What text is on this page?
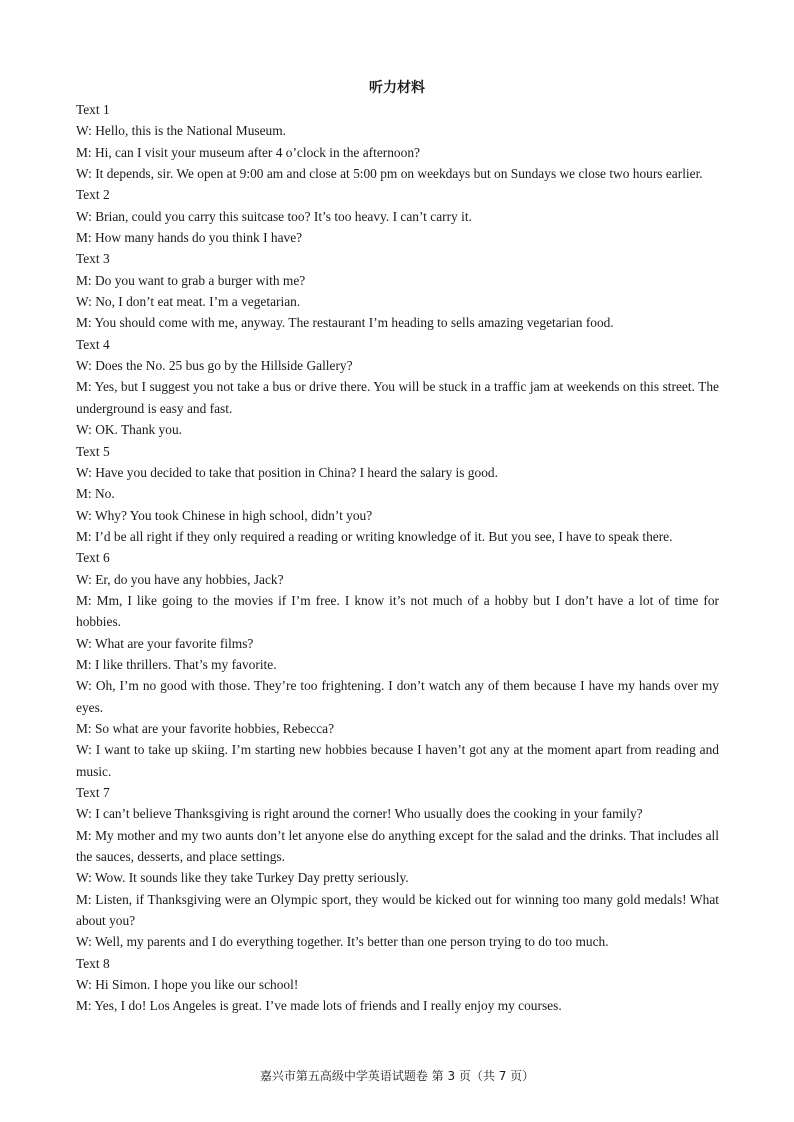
听力材料

Text 1

W: Hello, this is the National Museum.

M: Hi, can I visit your museum after 4 o’clock in the afternoon?

W: It depends, sir. We open at 9:00 am and close at 5:00 pm on weekdays but on Sundays we close two hours earlier.

Text 2

W: Brian, could you carry this suitcase too? It’s too heavy. I can’t carry it.

M: How many hands do you think I have?

Text 3

M: Do you want to grab a burger with me?

W: No, I don’t eat meat. I’m a vegetarian.

M: You should come with me, anyway. The restaurant I’m heading to sells amazing vegetarian food.

Text 4

W: Does the No. 25 bus go by the Hillside Gallery?

M: Yes, but I suggest you not take a bus or drive there. You will be stuck in a traffic jam at weekends on this street. The underground is easy and fast.

W: OK. Thank you.

Text 5

W: Have you decided to take that position in China? I heard the salary is good.

M: No.

W: Why? You took Chinese in high school, didn’t you?

M: I’d be all right if they only required a reading or writing knowledge of it. But you see, I have to speak there.

Text 6

W: Er, do you have any hobbies, Jack?

M: Mm, I like going to the movies if I’m free. I know it’s not much of a hobby but I don’t have a lot of time for hobbies.

W: What are your favorite films?

M: I like thrillers. That’s my favorite.

W: Oh, I’m no good with those. They’re too frightening. I don’t watch any of them because I have my hands over my eyes.

M: So what are your favorite hobbies, Rebecca?

W: I want to take up skiing. I’m starting new hobbies because I haven’t got any at the moment apart from reading and music.

Text 7

W: I can’t believe Thanksgiving is right around the corner! Who usually does the cooking in your family?

M: My mother and my two aunts don’t let anyone else do anything except for the salad and the drinks. That includes all the sauces, desserts, and place settings.

W: Wow. It sounds like they take Turkey Day pretty seriously.

M: Listen, if Thanksgiving were an Olympic sport, they would be kicked out for winning too many gold medals! What about you?

W: Well, my parents and I do everything together. It’s better than one person trying to do too much.

Text 8

W: Hi Simon. I hope you like our school!

M: Yes, I do! Los Angeles is great. I’ve made lots of friends and I really enjoy my courses.

嘉兴市第五高级中学英语试题卷 第 3 页（共 7 页）
